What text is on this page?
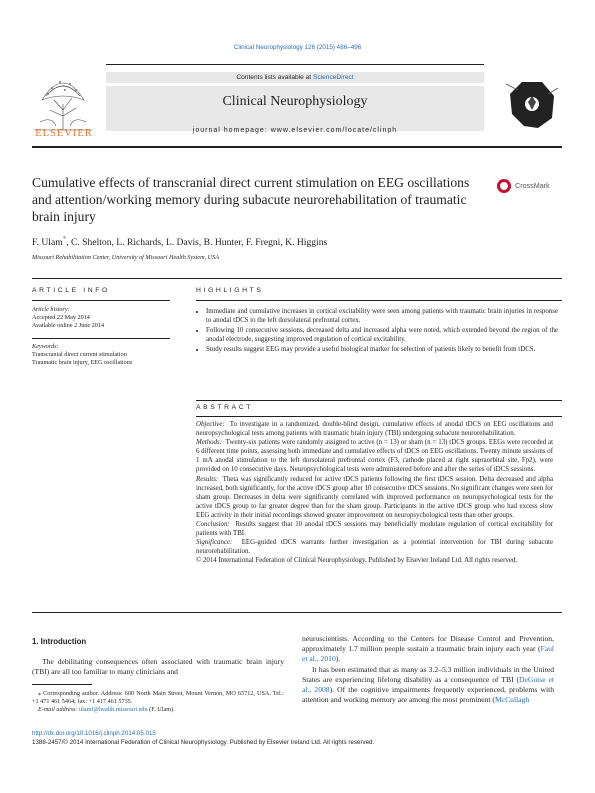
Clinical Neurophysiology 126 (2015) 486–496
ELSEVIER
Contents lists available at ScienceDirect
Clinical Neurophysiology
journal homepage: www.elsevier.com/locate/clinph
Cumulative effects of transcranial direct current stimulation on EEG oscillations and attention/working memory during subacute neurorehabilitation of traumatic brain injury
CrossMark
F. Ulam*, C. Shelton, L. Richards, L. Davis, B. Hunter, F. Fregni, K. Higgins
Missouri Rehabilitation Center, University of Missouri Health System, USA
ARTICLE INFO
Article history:
Accepted 22 May 2014
Available online 2 June 2014
Keywords:
Transcranial direct current stimulation
Traumatic brain injury, EEG oscillations
HIGHLIGHTS
• Immediate and cumulative increases in cortical excitability were seen among patients with traumatic brain injuries in response to anodal tDCS to the left dorsolateral prefrontal cortex.
• Following 10 consecutive sessions, decreased delta and increased alpha were noted, which extended beyond the region of the anodal electrode, suggesting improved regulation of cortical excitability.
• Study results suggest EEG may provide a useful biological marker for selection of patients likely to benefit from tDCS.
ABSTRACT

Objective: To investigate in a randomized, double-blind design, cumulative effects of anodal tDCS on EEG oscillations and neuropsychological tests among patients with traumatic brain injury (TBI) undergoing subacute neurorehabilitation.

Methods: Twenty-six patients were randomly assigned to active (n = 13) or sham (n = 13) tDCS groups. EEGs were recorded at 6 different time points, assessing both immediate and cumulative effects of tDCS on EEG oscillations. Twenty minute sessions of 1 mA anodal stimulation to the left dorsolateral prefrontal cortex (F3, cathode placed at right supraorbital site, Fp2), were provided on 10 consecutive days. Neuropsychological tests were administered before and after the series of tDCS sessions.

Results: Theta was significantly reduced for active tDCS patients following the first tDCS session. Delta decreased and alpha increased, both significantly, for the active tDCS group after 10 consecutive tDCS sessions. No significant changes were seen for sham group. Decreases in delta were significantly correlated with improved performance on neuropsychological tests for the active tDCS group to far greater degree than for the sham group. Participants in the active tDCS group who had excess slow EEG activity in their initial recordings showed greater improvement on neuropsychological tests than other groups.

Conclusion: Results suggest that 10 anodal tDCS sessions may beneficially modulate regulation of cortical excitability for patients with TBI.

Significance: EEG-guided tDCS warrants further investigation as a potential intervention for TBI during subacute neurorehabilitation.

© 2014 International Federation of Clinical Neurophysiology. Published by Elsevier Ireland Ltd. All rights reserved.

1. Introduction
The debilitating consequences often associated with traumatic brain injury (TBI) are all too familiar to many clinicians and
⁎ Corresponding author. Address: 600 North Main Street, Mount Vernon, MO 65712, USA. Tel.: +1 471 461 5464; fax: +1 417 461 5735.
E-mail address: ulamf@health.missouri.edu (F. Ulam).

neuroscientists. According to the Centers for Disease Control and Prevention, approximately 1.7 million people sustain a traumatic brain injury each year (Faul et al., 2010).

It has been estimated that as many as 3.2–5.3 million individuals in the United States are experiencing lifelong disability as a consequence of TBI (DeGuise et al., 2008). Of the cognitive impairments frequently experienced, problems with attention and working memory are among the most prominent (McCullagh

http://dx.doi.org/10.1016/j.clinph.2014.05.015
1388-2457/© 2014 International Federation of Clinical Neurophysiology. Published by Elsevier Ireland Ltd. All rights reserved.
